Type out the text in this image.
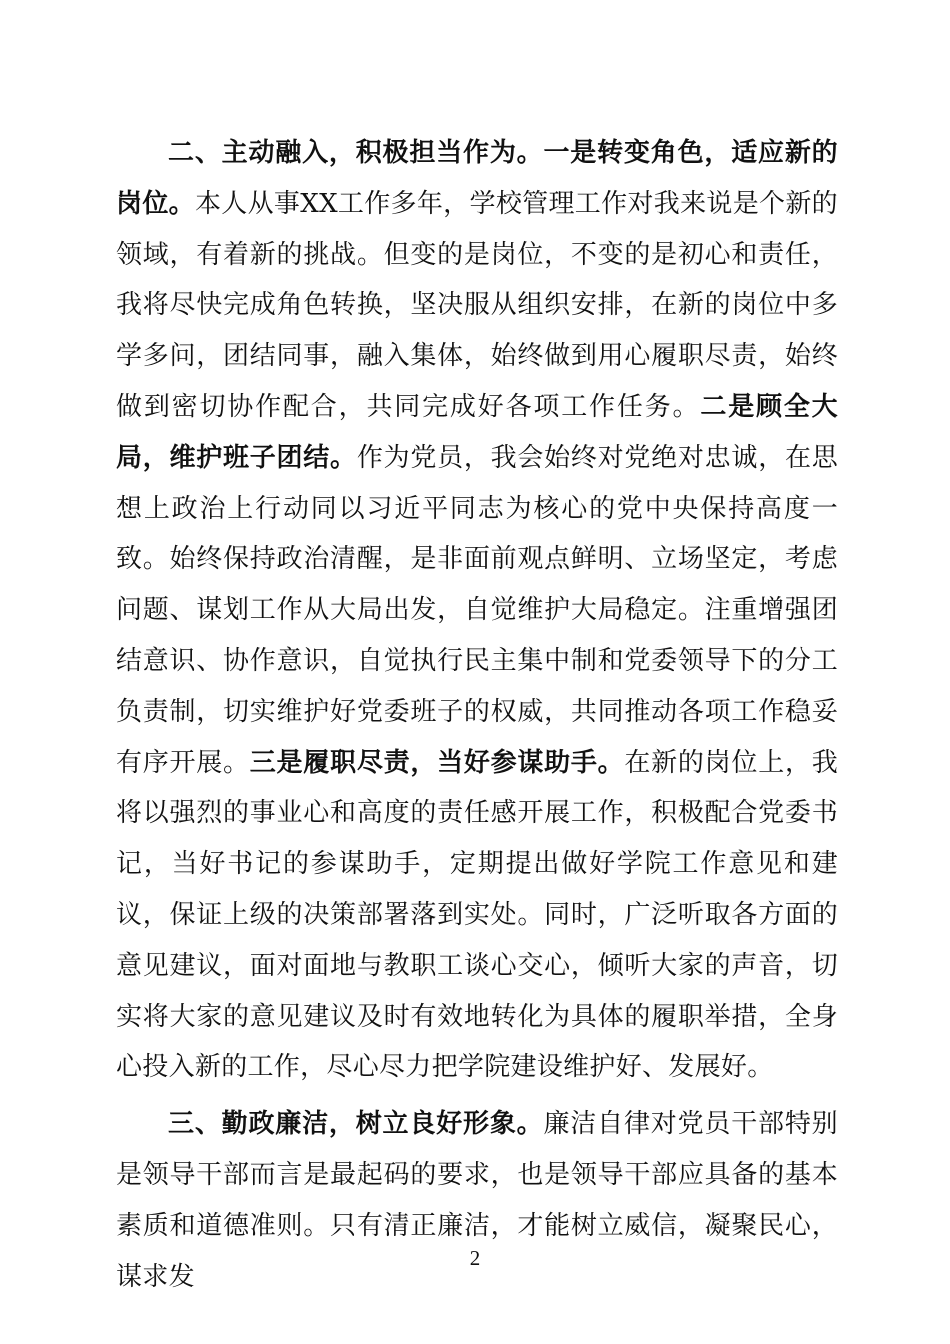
二、主动融入，积极担当作为。一是转变角色，适应新的岗位。本人从事XX工作多年，学校管理工作对我来说是个新的领域，有着新的挑战。但变的是岗位，不变的是初心和责任，我将尽快完成角色转换，坚决服从组织安排，在新的岗位中多学多问，团结同事，融入集体，始终做到用心履职尽责，始终做到密切协作配合，共同完成好各项工作任务。二是顾全大局，维护班子团结。作为党员，我会始终对党绝对忠诚，在思想上政治上行动同以习近平同志为核心的党中央保持高度一致。始终保持政治清醒，是非面前观点鲜明、立场坚定，考虑问题、谋划工作从大局出发，自觉维护大局稳定。注重增强团结意识、协作意识，自觉执行民主集中制和党委领导下的分工负责制，切实维护好党委班子的权威，共同推动各项工作稳妥有序开展。三是履职尽责，当好参谋助手。在新的岗位上，我将以强烈的事业心和高度的责任感开展工作，积极配合党委书记，当好书记的参谋助手，定期提出做好学院工作意见和建议，保证上级的决策部署落到实处。同时，广泛听取各方面的意见建议，面对面地与教职工谈心交心，倾听大家的声音，切实将大家的意见建议及时有效地转化为具体的履职举措，全身心投入新的工作，尽心尽力把学院建设维护好、发展好。

三、勤政廉洁，树立良好形象。廉洁自律对党员干部特别是领导干部而言是最起码的要求，也是领导干部应具备的基本素质和道德准则。只有清正廉洁，才能树立威信，凝聚民心，谋求发

2
